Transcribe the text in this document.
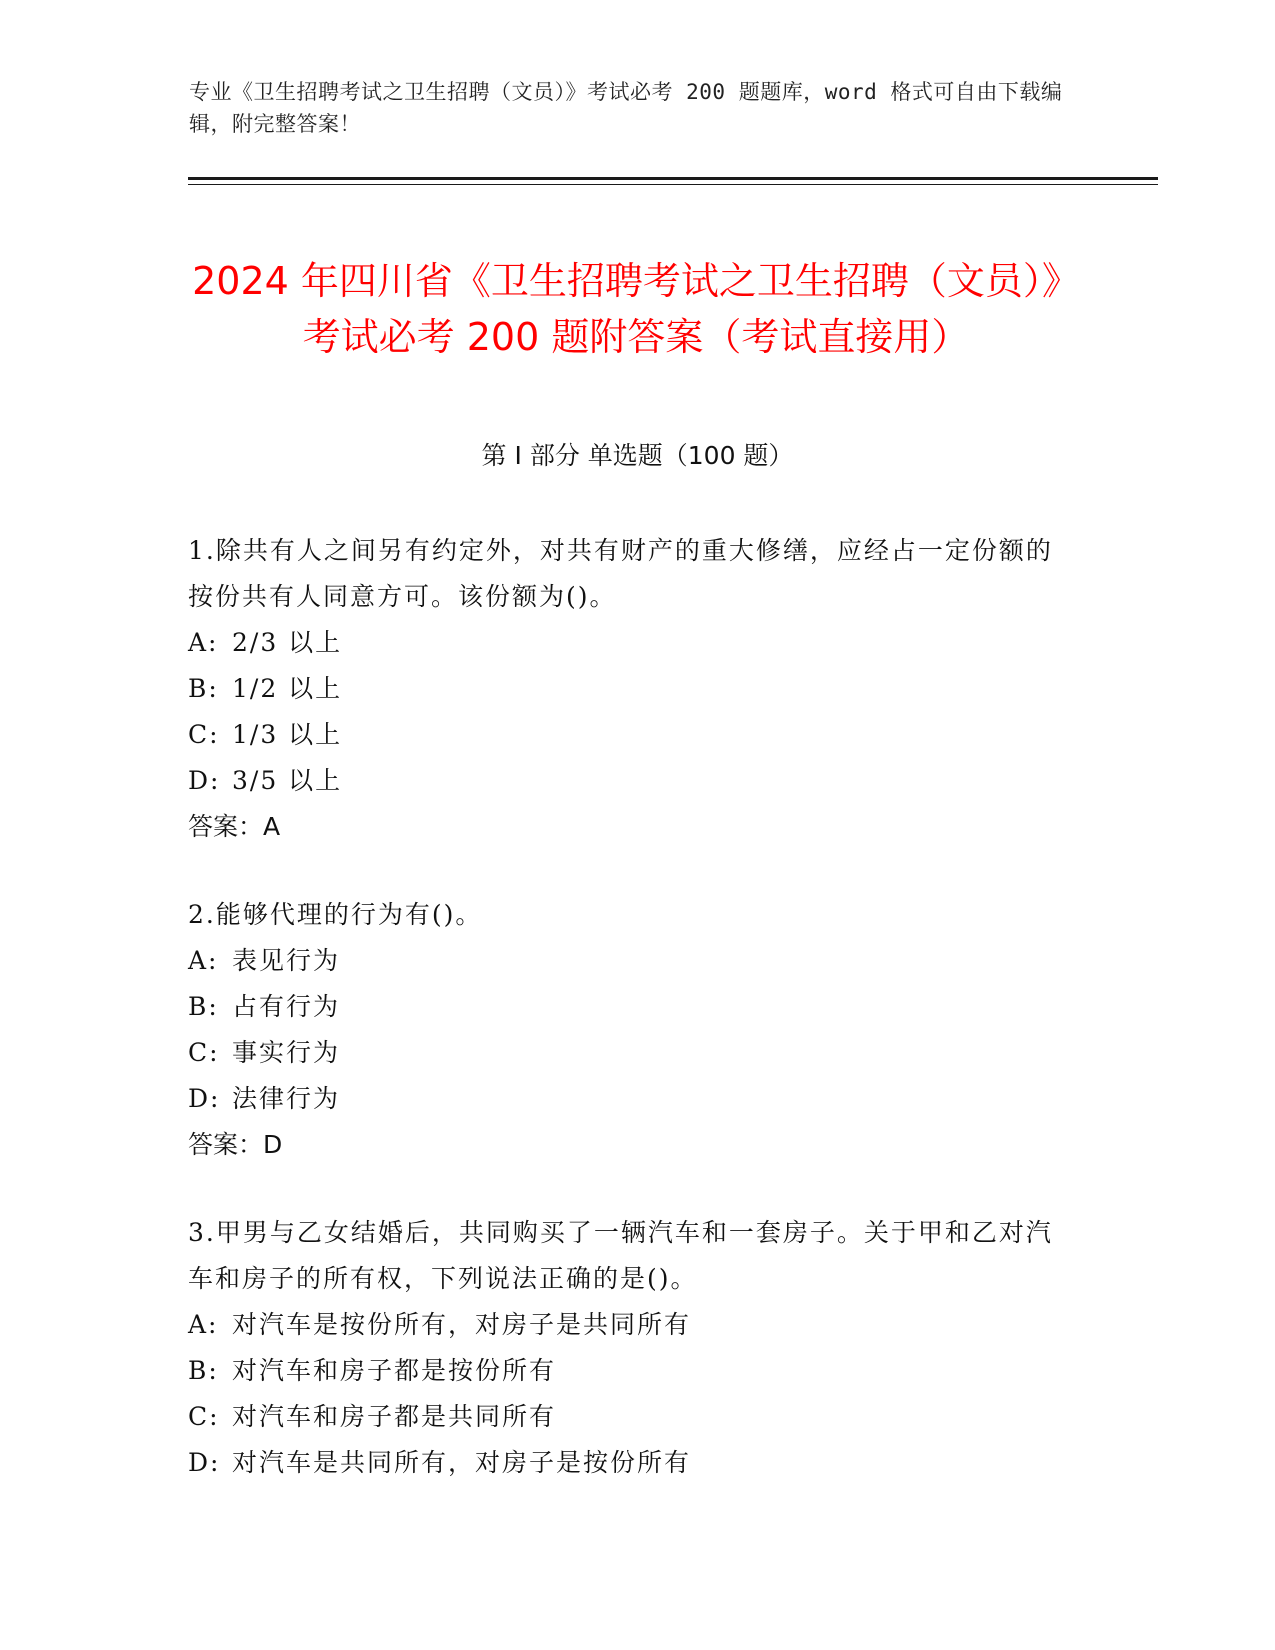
专业《卫生招聘考试之卫生招聘（文员）》考试必考 200 题题库，word 格式可自由下载编辑，附完整答案！
2024 年四川省《卫生招聘考试之卫生招聘（文员）》考试必考 200 题附答案（考试直接用）
第 I 部分 单选题（100 题）

1.除共有人之间另有约定外，对共有财产的重大修缮，应经占一定份额的按份共有人同意方可。该份额为()。

A: 2/3 以上

B: 1/2 以上

C: 1/3 以上

D: 3/5 以上

答案：A

2.能够代理的行为有()。

A: 表见行为

B: 占有行为

C: 事实行为

D: 法律行为

答案：D

3.甲男与乙女结婚后，共同购买了一辆汽车和一套房子。关于甲和乙对汽车和房子的所有权，下列说法正确的是()。

A: 对汽车是按份所有，对房子是共同所有

B: 对汽车和房子都是按份所有

C: 对汽车和房子都是共同所有

D: 对汽车是共同所有，对房子是按份所有
